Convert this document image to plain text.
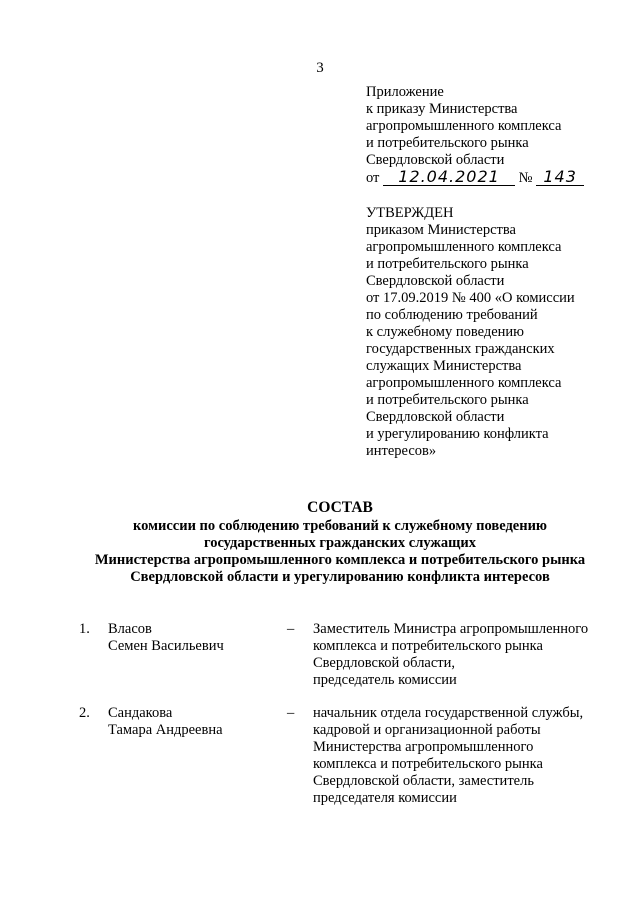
3
Приложение
к приказу Министерства
агропромышленного комплекса
и потребительского рынка
Свердловской области
от 12.04.2021 № 143
УТВЕРЖДЕН
приказом Министерства
агропромышленного комплекса
и потребительского рынка
Свердловской области
от 17.09.2019 № 400 «О комиссии
по соблюдению требований
к служебному поведению
государственных гражданских
служащих Министерства
агропромышленного комплекса
и потребительского рынка
Свердловской области
и урегулированию конфликта
интересов»
СОСТАВ
комиссии по соблюдению требований к служебному поведению
государственных гражданских служащих
Министерства агропромышленного комплекса и потребительского рынка
Свердловской области и урегулированию конфликта интересов
1. Власов
Семен Васильевич
– Заместитель Министра агропромышленного
комплекса и потребительского рынка
Свердловской области,
председатель комиссии
2. Сандакова
Тамара Андреевна
– начальник отдела государственной службы,
кадровой и организационной работы
Министерства агропромышленного
комплекса и потребительского рынка
Свердловской области, заместитель
председателя комиссии
